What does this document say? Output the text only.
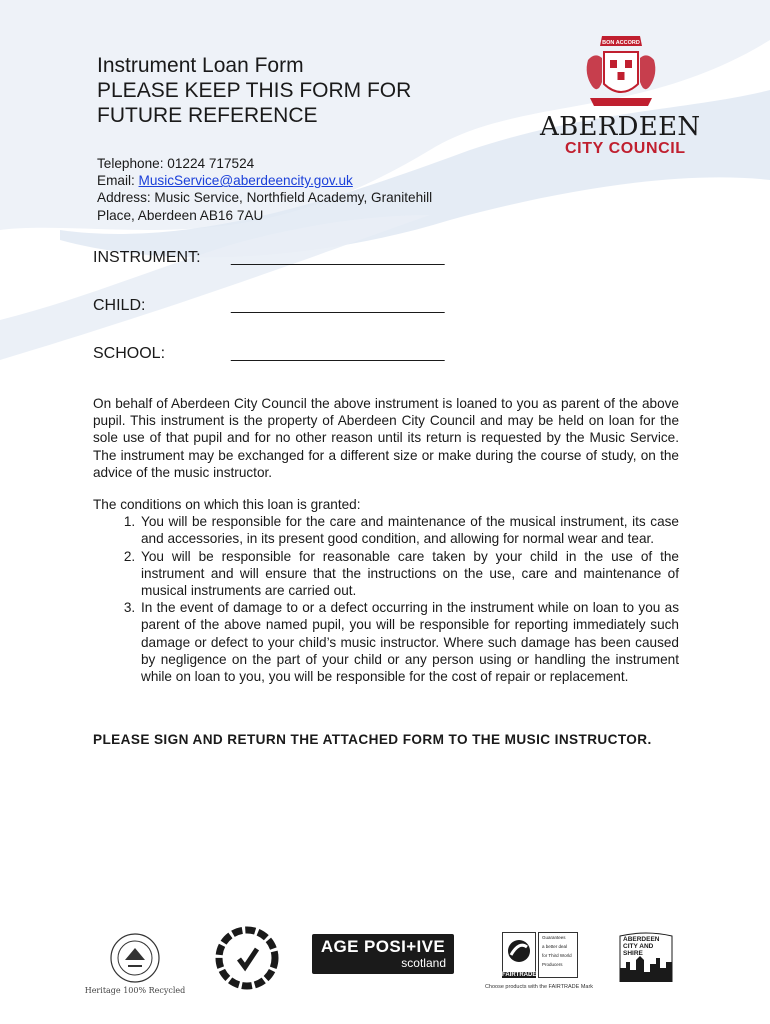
Instrument Loan Form
PLEASE KEEP THIS FORM FOR
FUTURE REFERENCE
BON ACCORD
ABERDEEN
CITY COUNCIL
Telephone: 01224 717524
Email: MusicService@aberdeencity.gov.uk
Address: Music Service, Northfield Academy, Granitehill
Place, Aberdeen AB16 7AU
INSTRUMENT: ________________________
CHILD:	________________________
SCHOOL:	________________________
On behalf of Aberdeen City Council the above instrument is loaned to you as parent of the above pupil. This instrument is the property of Aberdeen City Council and may be held on loan for the sole use of that pupil and for no other reason until its return is requested by the Music Service. The instrument may be exchanged for a different size or make during the course of study, on the advice of the music instructor.
The conditions on which this loan is granted:
1. You will be responsible for the care and maintenance of the musical instrument, its case and accessories, in its present good condition, and allowing for normal wear and tear.
2. You will be responsible for reasonable care taken by your child in the use of the instrument and will ensure that the instructions on the use, care and maintenance of musical instruments are carried out.
3. In the event of damage to or a defect occurring in the instrument while on loan to you as parent of the above named pupil, you will be responsible for reporting immediately such damage or defect to your child’s music instructor. Where such damage has been caused by negligence on the part of your child or any person using or handling the instrument while on loan to you, you will be responsible for the cost of repair or replacement.
PLEASE SIGN AND RETURN THE ATTACHED FORM TO THE MUSIC INSTRUCTOR.
Heritage 100% Recycled
AGE POSI+IVE
scotland
FAIRTRADE
Guarantees
a better deal
for Third World
Producers
Choose products with the FAIRTRADE Mark
ABERDEEN
CITY AND
SHIRE
